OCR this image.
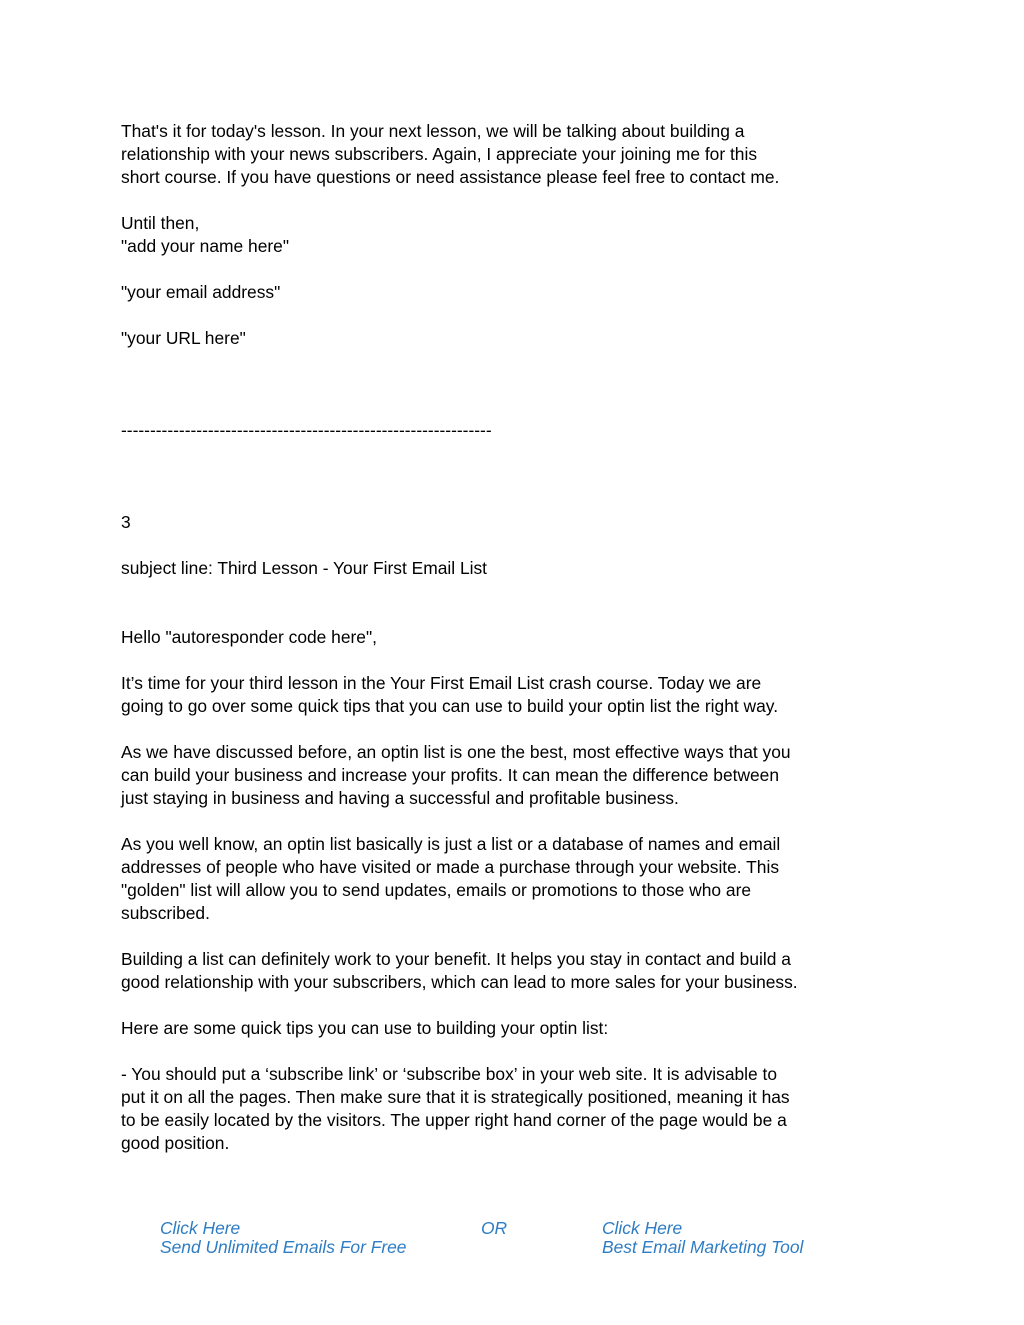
That's it for today's lesson. In your next lesson, we will be talking about building a

relationship with your news subscribers. Again, I appreciate your joining me for this

short course. If you have questions or need assistance please feel free to contact me.

Until then,

"add your name here"

"your email address"

"your URL here"

----------------------------------------------------------------

3

subject line: Third Lesson - Your First Email List

Hello "autoresponder code here",

It’s time for your third lesson in the Your First Email List crash course. Today we are

going to go over some quick tips that you can use to build your optin list the right way.

As we have discussed before, an optin list is one the best, most effective ways that you

can build your business and increase your profits. It can mean the difference between

just staying in business and having a successful and profitable business.

As you well know, an optin list basically is just a list or a database of names and email

addresses of people who have visited or made a purchase through your website. This

"golden" list will allow you to send updates, emails or promotions to those who are

subscribed.

Building a list can definitely work to your benefit. It helps you stay in contact and build a

good relationship with your subscribers, which can lead to more sales for your business.

Here are some quick tips you can use to building your optin list:

- You should put a ‘subscribe link’ or ‘subscribe box’ in your web site. It is advisable to

put it on all the pages. Then make sure that it is strategically positioned, meaning it has

to be easily located by the visitors. The upper right hand corner of the page would be a

good position.

Click Here
Send Unlimited Emails For Free
OR	Click Here
Best Email Marketing Tool
